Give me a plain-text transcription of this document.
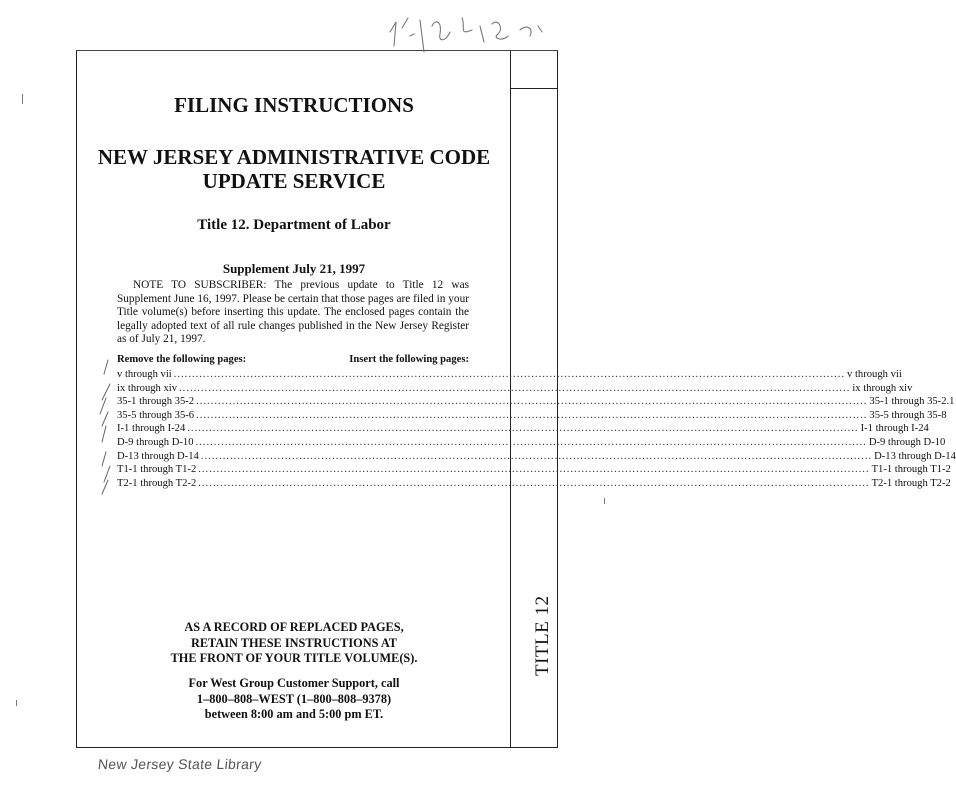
TITLE 12
FILING INSTRUCTIONS
NEW JERSEY ADMINISTRATIVE CODE
UPDATE SERVICE
Title 12. Department of Labor
Supplement July 21, 1997
NOTE TO SUBSCRIBER: The previous update to Title 12 was
Supplement June 16, 1997. Please be certain that those pages are filed in your
Title volume(s) before inserting this update. The enclosed pages contain the
legally adopted text of all rule changes published in the New Jersey Register
as of July 21, 1997.
Remove the following pages:	Insert the following pages:
v through vii ........................................................................................................................................................................................ v through vii
ix through xiv ........................................................................................................................................................................................ ix through xiv
35-1 through 35-2 ........................................................................................................................................................................................ 35-1 through 35-2.1
35-5 through 35-6 ........................................................................................................................................................................................ 35-5 through 35-8
I-1 through I-24 ........................................................................................................................................................................................ I-1 through I-24
D-9 through D-10 ........................................................................................................................................................................................ D-9 through D-10
D-13 through D-14 ........................................................................................................................................................................................ D-13 through D-14
T1-1 through T1-2 ........................................................................................................................................................................................ T1-1 through T1-2
T2-1 through T2-2 ........................................................................................................................................................................................ T2-1 through T2-2
AS A RECORD OF REPLACED PAGES,
RETAIN THESE INSTRUCTIONS AT
THE FRONT OF YOUR TITLE VOLUME(S).
For West Group Customer Support, call
1–800–808–WEST (1–800–808–9378)
between 8:00 am and 5:00 pm ET.
New Jersey State Library
